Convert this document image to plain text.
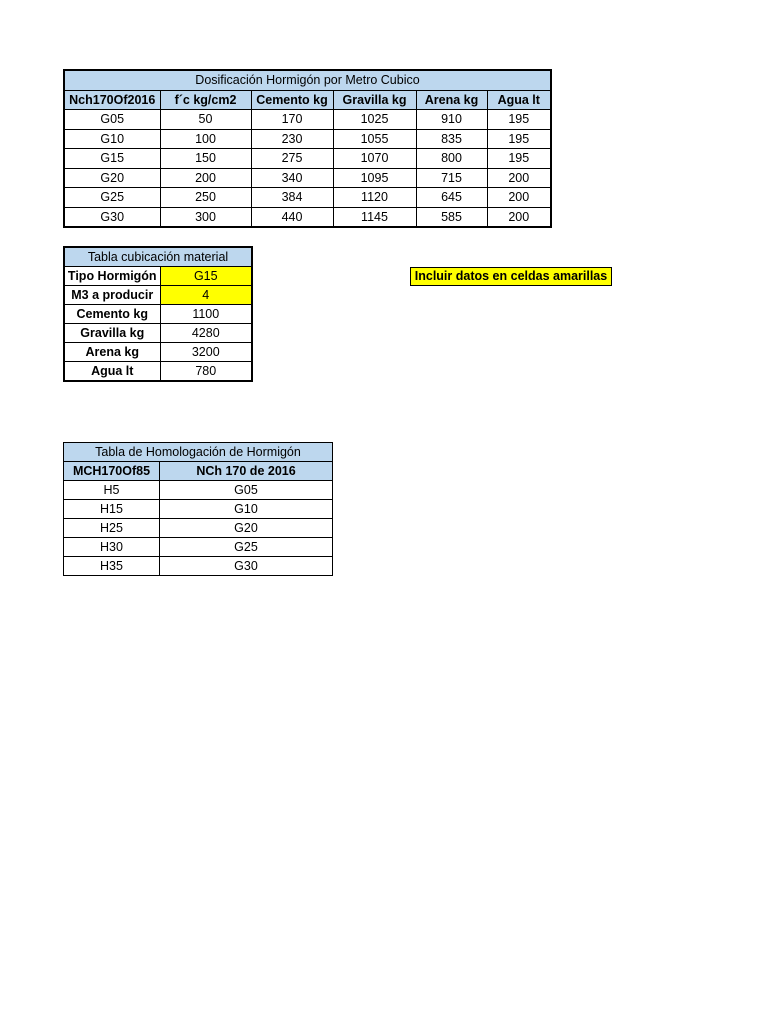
Dosificación Hormigón por Metro Cubico					
Nch170Of2016	f´c kg/cm2	Cemento kg	Gravilla kg	Arena kg	Agua lt
G05	50	170	1025	910	195
G10	100	230	1055	835	195
G15	150	275	1070	800	195
G20	200	340	1095	715	200
G25	250	384	1120	645	200
G30	300	440	1145	585	200
Tabla cubicación material	
Tipo Hormigón	G15
M3 a producir	4
Cemento kg	1100
Gravilla kg	4280
Arena kg	3200
Agua lt	780
Incluir datos en celdas amarillas
Tabla de Homologación de Hormigón	
MCH170Of85	NCh 170 de 2016
H5	G05
H15	G10
H25	G20
H30	G25
H35	G30
